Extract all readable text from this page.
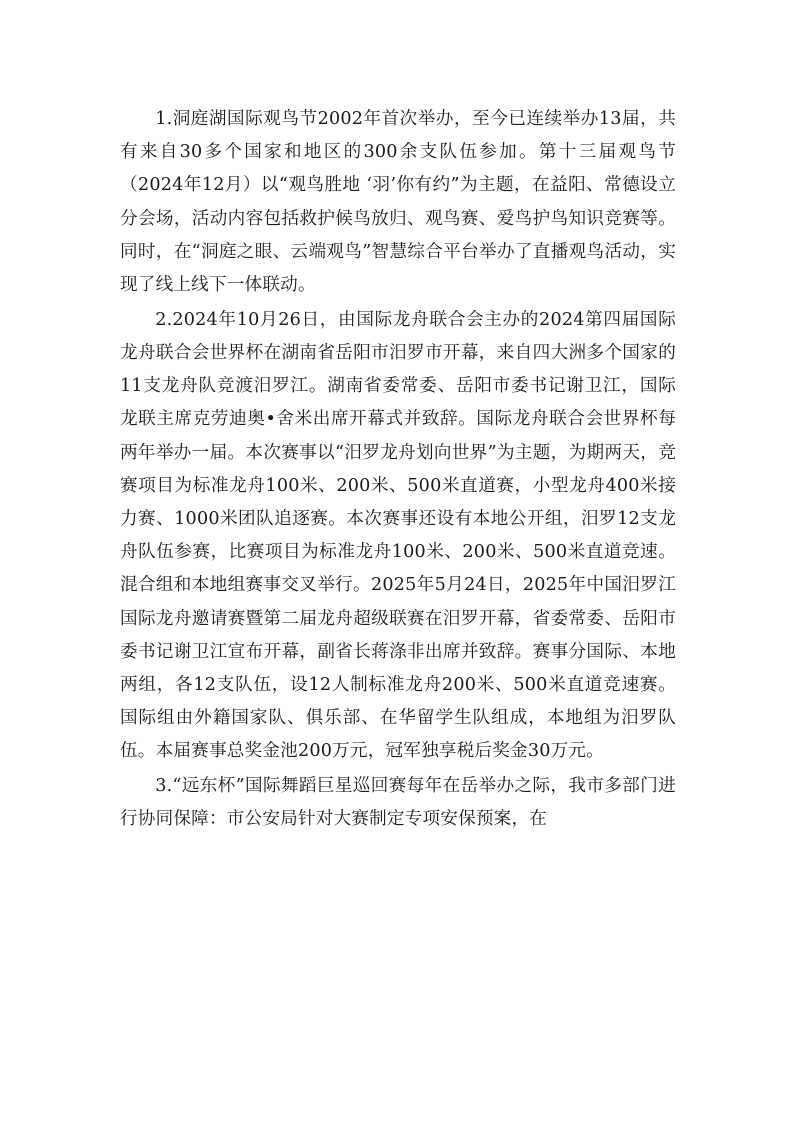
1.洞庭湖国际观鸟节2002年首次举办，至今已连续举办13届，共有来自30多个国家和地区的300余支队伍参加。第十三届观鸟节（2024年12月）以“观鸟胜地 ‘羽’你有约”为主题，在益阳、常德设立分会场，活动内容包括救护候鸟放归、观鸟赛、爱鸟护鸟知识竞赛等。同时，在“洞庭之眼、云端观鸟”智慧综合平台举办了直播观鸟活动，实现了线上线下一体联动。

2.2024年10月26日，由国际龙舟联合会主办的2024第四届国际龙舟联合会世界杯在湖南省岳阳市汨罗市开幕，来自四大洲多个国家的11支龙舟队竞渡汨罗江。湖南省委常委、岳阳市委书记谢卫江，国际龙联主席克劳迪奥•舍米出席开幕式并致辞。国际龙舟联合会世界杯每两年举办一届。本次赛事以“汨罗龙舟划向世界”为主题，为期两天，竞赛项目为标准龙舟100米、200米、500米直道赛，小型龙舟400米接力赛、1000米团队追逐赛。本次赛事还设有本地公开组，汨罗12支龙舟队伍参赛，比赛项目为标准龙舟100米、200米、500米直道竞速。混合组和本地组赛事交叉举行。2025年5月24日，2025年中国汨罗江国际龙舟邀请赛暨第二届龙舟超级联赛在汨罗开幕，省委常委、岳阳市委书记谢卫江宣布开幕，副省长蒋涤非出席并致辞。赛事分国际、本地两组，各12支队伍，设12人制标准龙舟200米、500米直道竞速赛。国际组由外籍国家队、俱乐部、在华留学生队组成，本地组为汨罗队伍。本届赛事总奖金池200万元，冠军独享税后奖金30万元。

3.“远东杯”国际舞蹈巨星巡回赛每年在岳举办之际，我市多部门进行协同保障：市公安局针对大赛制定专项安保预案，在
